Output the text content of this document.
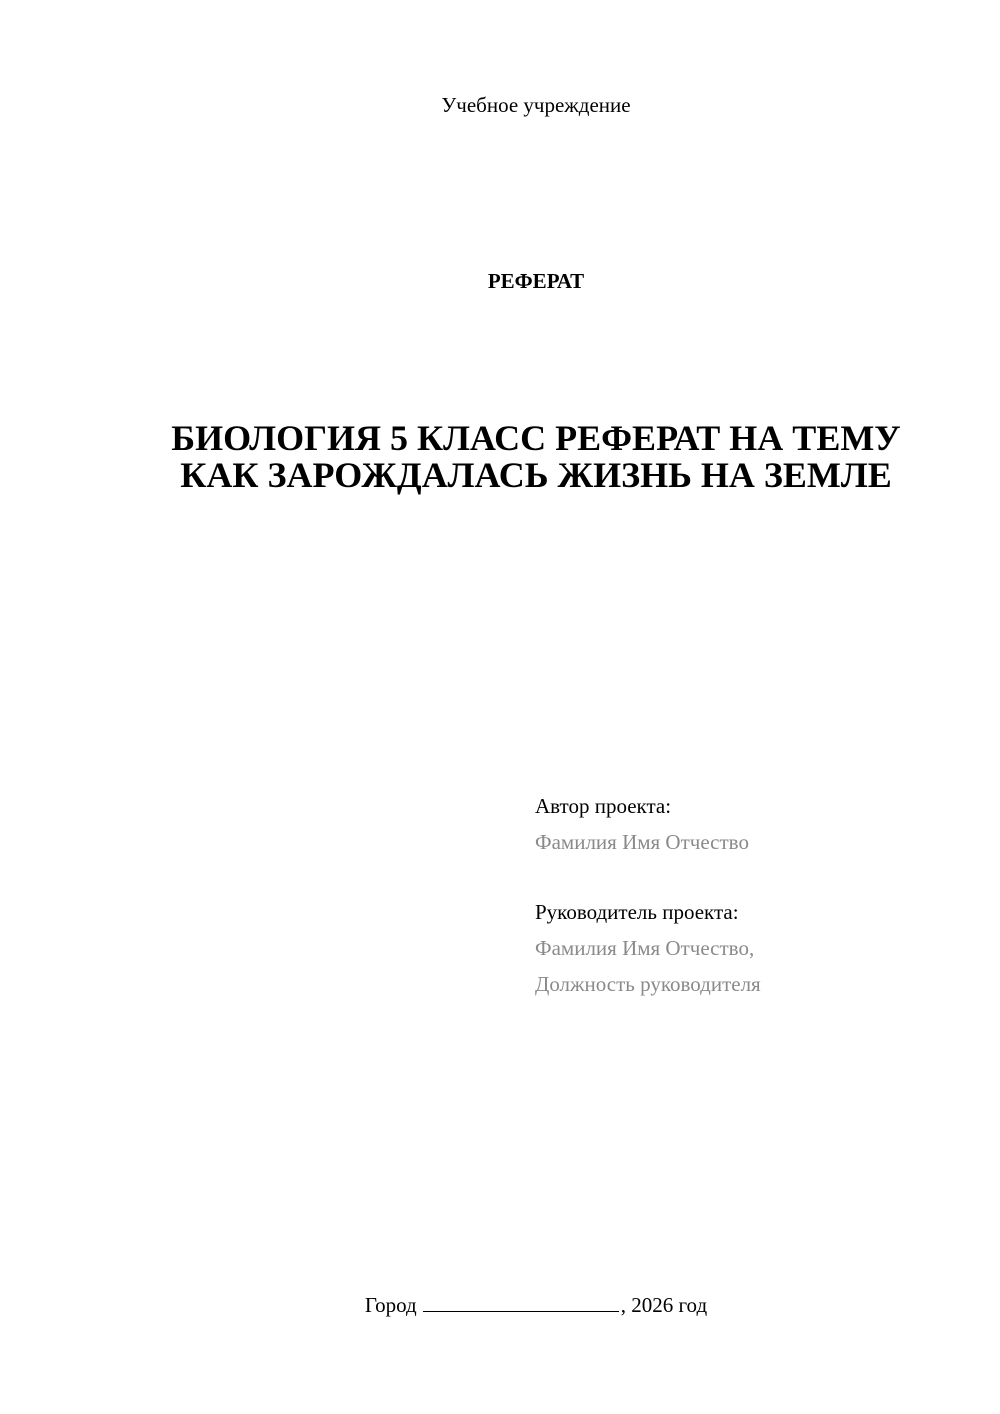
Учебное учреждение
РЕФЕРАТ
БИОЛОГИЯ 5 КЛАСС РЕФЕРАТ НА ТЕМУ КАК ЗАРОЖДАЛАСЬ ЖИЗНЬ НА ЗЕМЛЕ
Автор проекта:
Фамилия Имя Отчество
Руководитель проекта:
Фамилия Имя Отчество,
Должность руководителя
Город	, 2026 год
